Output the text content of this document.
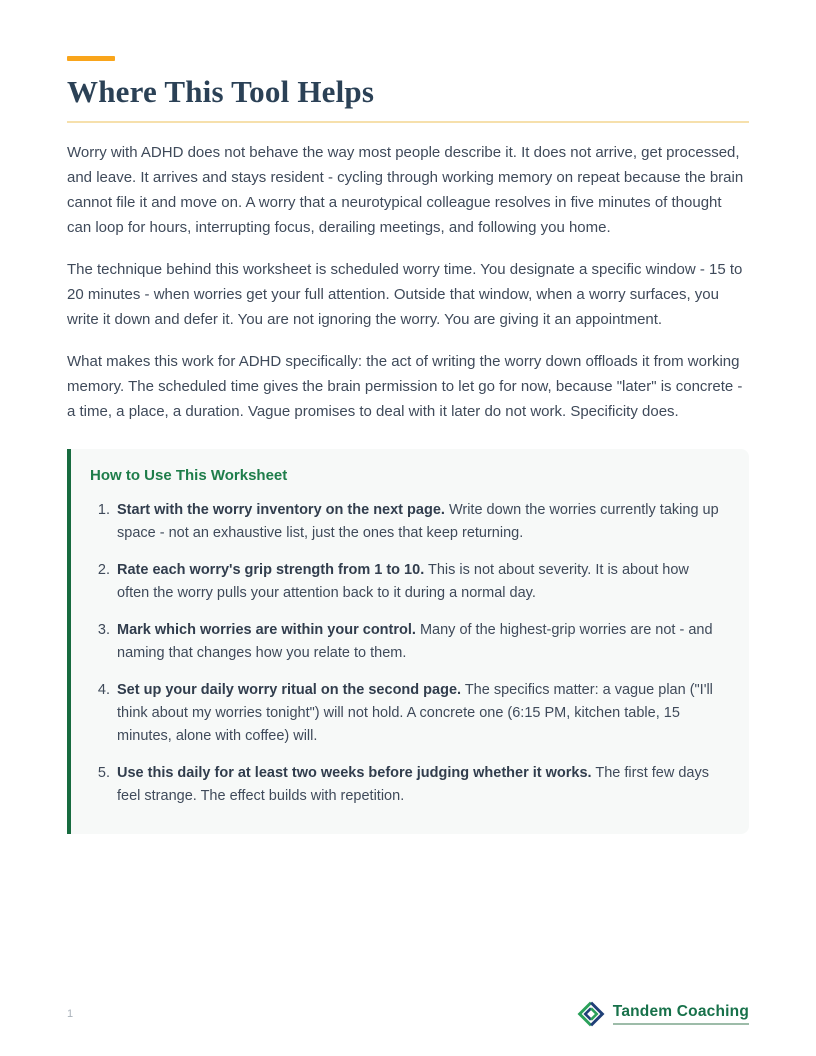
Where This Tool Helps

Worry with ADHD does not behave the way most people describe it. It does not arrive, get processed, and leave. It arrives and stays resident - cycling through working memory on repeat because the brain cannot file it and move on. A worry that a neurotypical colleague resolves in five minutes of thought can loop for hours, interrupting focus, derailing meetings, and following you home.

The technique behind this worksheet is scheduled worry time. You designate a specific window - 15 to 20 minutes - when worries get your full attention. Outside that window, when a worry surfaces, you write it down and defer it. You are not ignoring the worry. You are giving it an appointment.

What makes this work for ADHD specifically: the act of writing the worry down offloads it from working memory. The scheduled time gives the brain permission to let go for now, because "later" is concrete - a time, a place, a duration. Vague promises to deal with it later do not work. Specificity does.

How to Use This Worksheet
1. Start with the worry inventory on the next page. Write down the worries currently taking up space - not an exhaustive list, just the ones that keep returning.
2. Rate each worry's grip strength from 1 to 10. This is not about severity. It is about how often the worry pulls your attention back to it during a normal day.
3. Mark which worries are within your control. Many of the highest-grip worries are not - and naming that changes how you relate to them.
4. Set up your daily worry ritual on the second page. The specifics matter: a vague plan ("I'll think about my worries tonight") will not hold. A concrete one (6:15 PM, kitchen table, 15 minutes, alone with coffee) will.
5. Use this daily for at least two weeks before judging whether it works. The first few days feel strange. The effect builds with repetition.
1	Tandem Coaching
